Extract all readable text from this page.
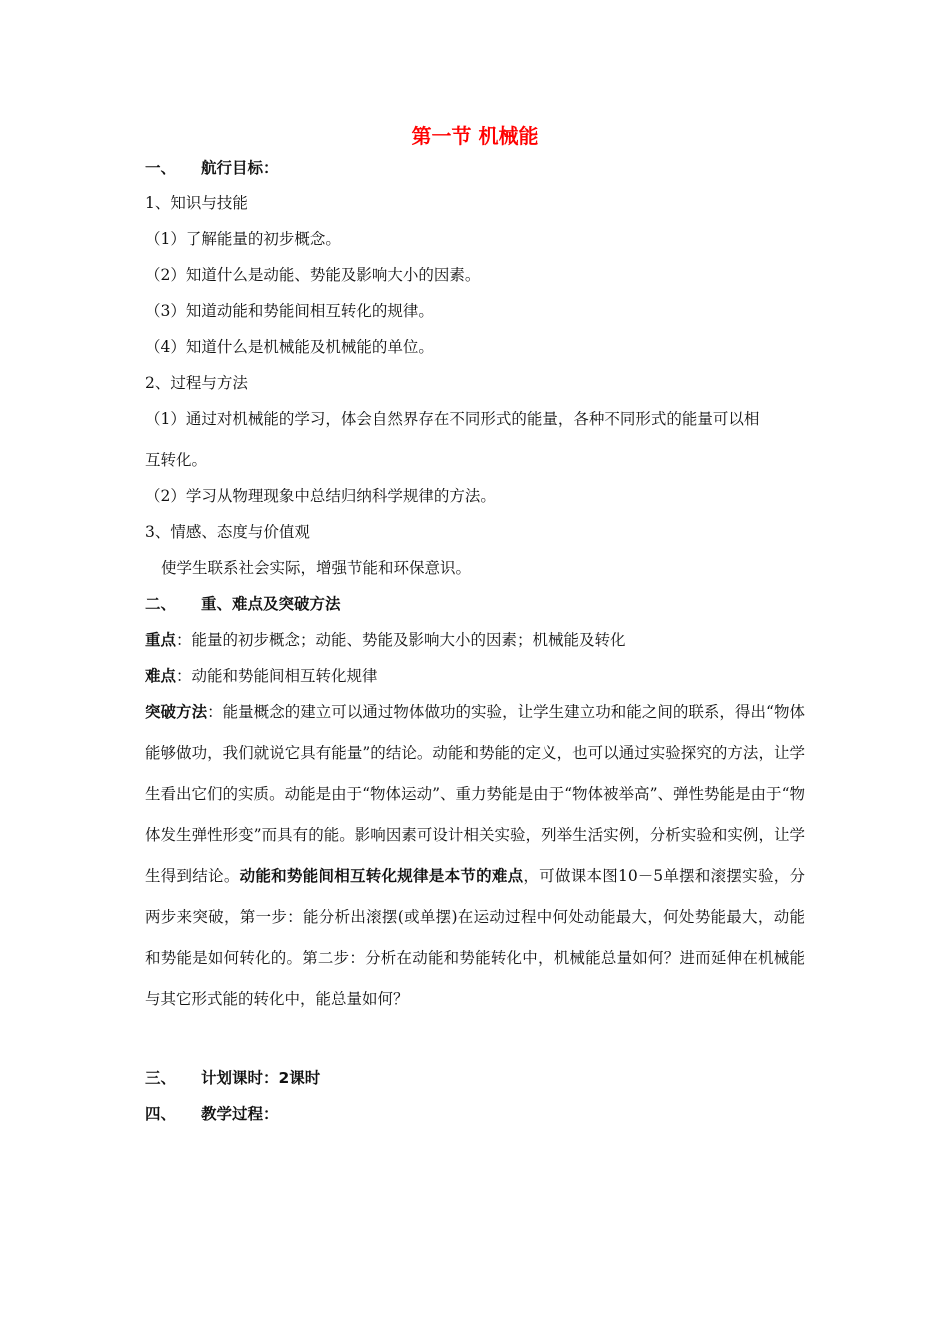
第一节 机械能
一、 航行目标：
1、知识与技能
（1）了解能量的初步概念。
（2）知道什么是动能、势能及影响大小的因素。
（3）知道动能和势能间相互转化的规律。
（4）知道什么是机械能及机械能的单位。
2、过程与方法
（1）通过对机械能的学习，体会自然界存在不同形式的能量，各种不同形式的能量可以相
互转化。
（2）学习从物理现象中总结归纳科学规律的方法。
3、情感、态度与价值观
使学生联系社会实际，增强节能和环保意识。
二、 重、难点及突破方法
重点：能量的初步概念；动能、势能及影响大小的因素；机械能及转化
难点：动能和势能间相互转化规律
突破方法：能量概念的建立可以通过物体做功的实验，让学生建立功和能之间的联系，得出“物体能够做功，我们就说它具有能量”的结论。动能和势能的定义，也可以通过实验探究的方法，让学生看出它们的实质。动能是由于“物体运动”、重力势能是由于“物体被举高”、弹性势能是由于“物体发生弹性形变”而具有的能。影响因素可设计相关实验，列举生活实例，分析实验和实例，让学生得到结论。动能和势能间相互转化规律是本节的难点，可做课本图10－5单摆和滚摆实验，分两步来突破，第一步：能分析出滚摆(或单摆)在运动过程中何处动能最大，何处势能最大，动能和势能是如何转化的。第二步：分析在动能和势能转化中，机械能总量如何？进而延伸在机械能与其它形式能的转化中，能总量如何？
三、 计划课时：2课时
四、 教学过程：
